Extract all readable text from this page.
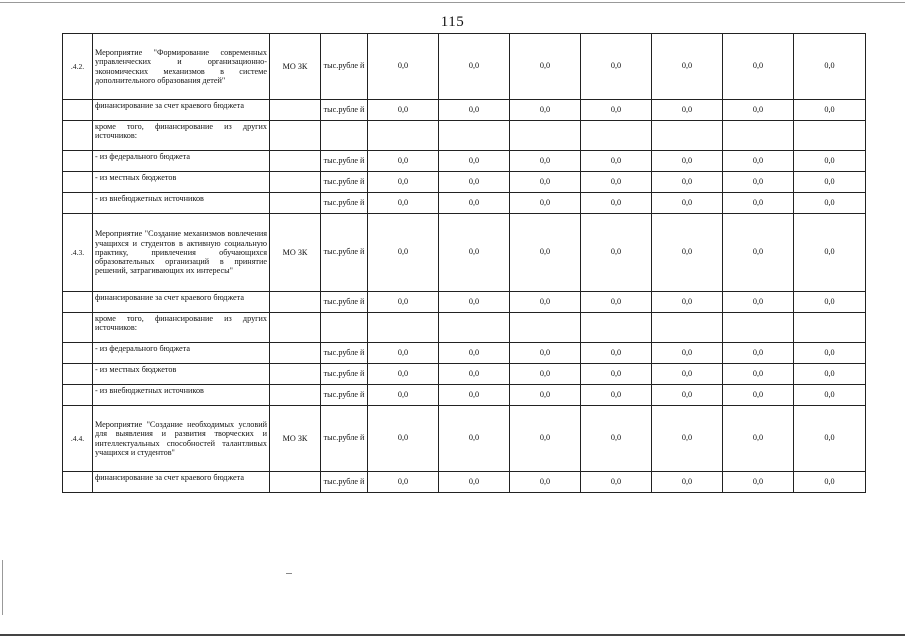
115
.4.2.	Мероприятие "Формирование современных управленческих и организационно-экономических механизмов в системе дополнительного образования детей"	МО ЗК	тыс.рубле й	0,0	0,0	0,0	0,0	0,0	0,0	0,0
	финансирование за счет краевого бюджета		тыс.рубле й	0,0	0,0	0,0	0,0	0,0	0,0	0,0
	кроме того, финансирование из других источников:									
	- из федерального бюджета		тыс.рубле й	0,0	0,0	0,0	0,0	0,0	0,0	0,0
	- из местных бюджетов		тыс.рубле й	0,0	0,0	0,0	0,0	0,0	0,0	0,0
	- из внебюджетных источников		тыс.рубле й	0,0	0,0	0,0	0,0	0,0	0,0	0,0
.4.3.	Мероприятие "Создание механизмов вовлечения учащихся и студентов в активную социальную практику, привлечения обучающихся образовательных организаций в принятие решений, затрагивающих их интересы"	МО ЗК	тыс.рубле й	0,0	0,0	0,0	0,0	0,0	0,0	0,0
	финансирование за счет краевого бюджета		тыс.рубле й	0,0	0,0	0,0	0,0	0,0	0,0	0,0
	кроме того, финансирование из других источников:									
	- из федерального бюджета		тыс.рубле й	0,0	0,0	0,0	0,0	0,0	0,0	0,0
	- из местных бюджетов		тыс.рубле й	0,0	0,0	0,0	0,0	0,0	0,0	0,0
	- из внебюджетных источников		тыс.рубле й	0,0	0,0	0,0	0,0	0,0	0,0	0,0
.4.4.	Мероприятие "Создание необходимых условий для выявления и развития творческих и интеллектуальных способностей талантливых учащихся и студентов"	МО ЗК	тыс.рубле й	0,0	0,0	0,0	0,0	0,0	0,0	0,0
	финансирование за счет краевого бюджета		тыс.рубле й	0,0	0,0	0,0	0,0	0,0	0,0	0,0
